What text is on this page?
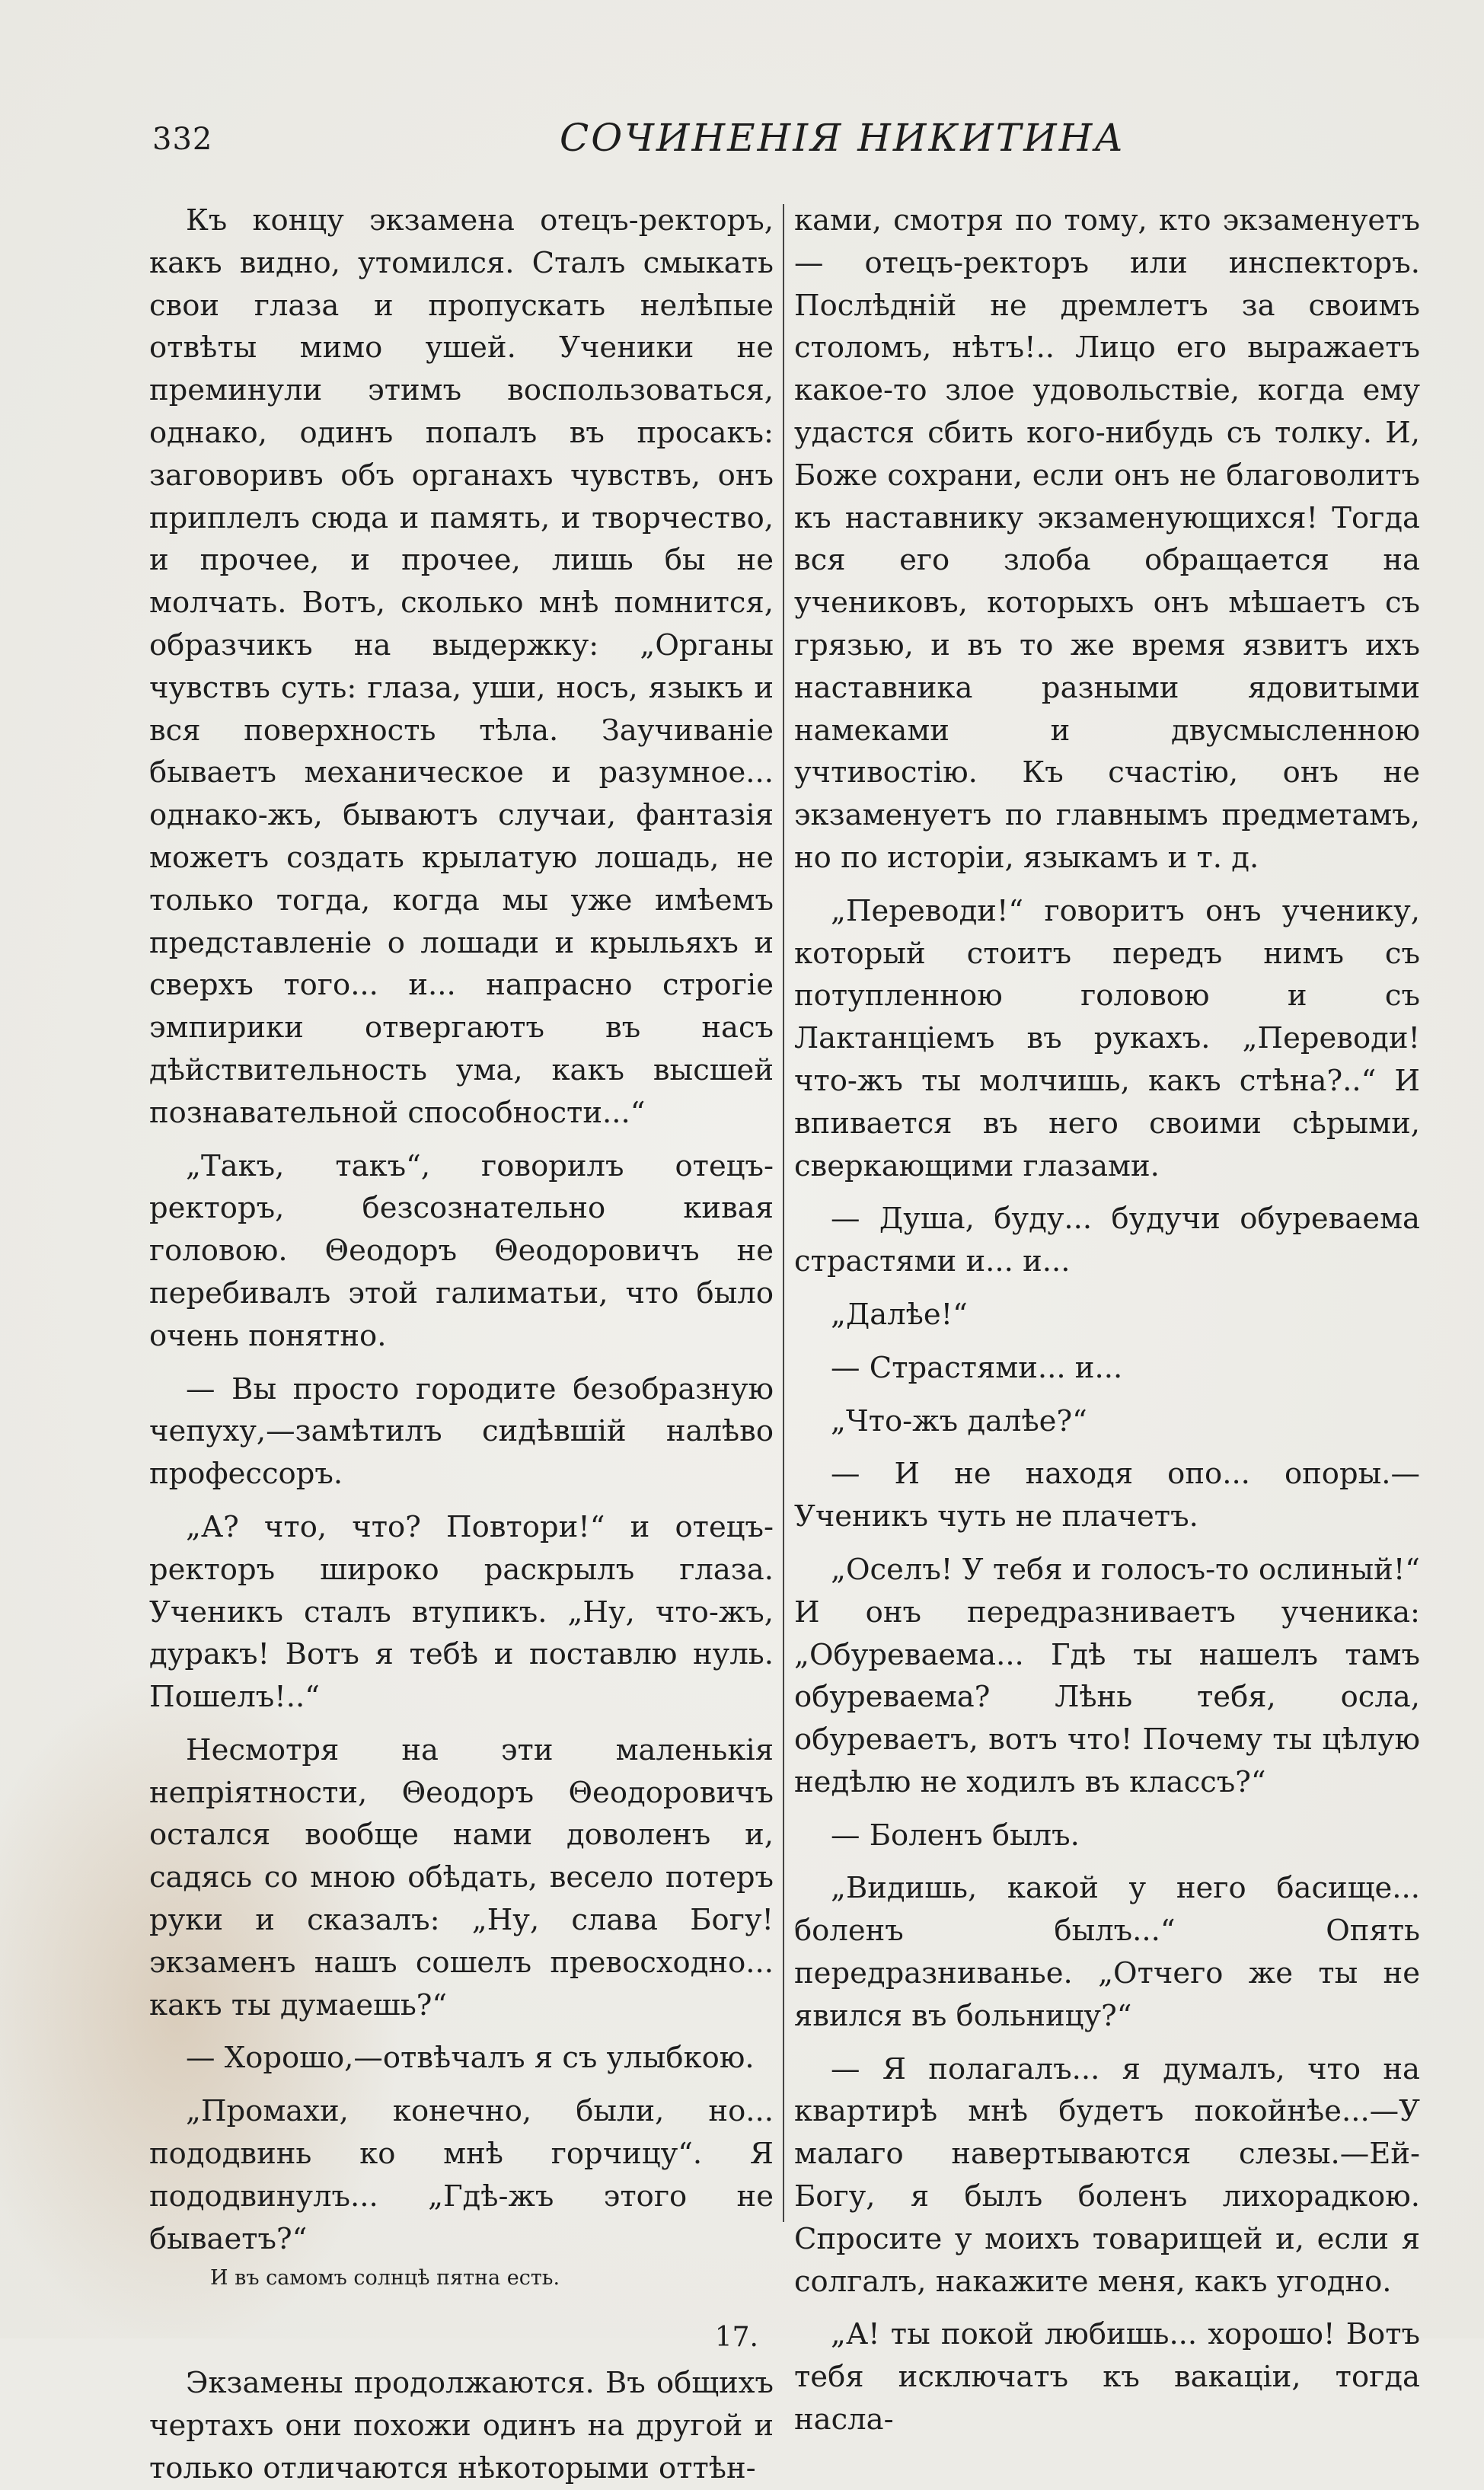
332	СОЧИНЕНІЯ НИКИТИНА

Къ концу экзамена отецъ-ректоръ, какъ видно, утомился. Сталъ смыкать свои глаза и пропускать нелѣпые отвѣты мимо ушей. Ученики не преминули этимъ воспользоваться, однако, одинъ попалъ въ просакъ: заговоривъ объ органахъ чувствъ, онъ приплелъ сюда и память, и творчество, и прочее, и прочее, лишь бы не молчать. Вотъ, сколько мнѣ помнится, образчикъ на выдержку: „Органы чувствъ суть: глаза, уши, носъ, языкъ и вся поверхность тѣла. Заучиваніе бываетъ механическое и разумное... однако-жъ, бываютъ случаи, фантазія можетъ создать крылатую лошадь, не только тогда, когда мы уже имѣемъ представленіе о лошади и крыльяхъ и сверхъ того... и... напрасно строгіе эмпирики отвергаютъ въ насъ дѣйствительность ума, какъ высшей познавательной способности...“

„Такъ, такъ“, говорилъ отецъ-ректоръ, безсознательно кивая головою. Θеодоръ Θеодоровичъ не перебивалъ этой галиматьи, что было очень понятно.

— Вы просто городите безобразную чепуху,—замѣтилъ сидѣвшій налѣво профессоръ.

„А? что, что? Повтори!“ и отецъ-ректоръ широко раскрылъ глаза. Ученикъ сталъ втупикъ. „Ну, что-жъ, дуракъ! Вотъ я тебѣ и поставлю нуль. Пошелъ!..“

Несмотря на эти маленькія непріятности, Θеодоръ Θеодоровичъ остался вообще нами доволенъ и, садясь со мною обѣдать, весело потеръ руки и сказалъ: „Ну, слава Богу! экзаменъ нашъ сошелъ превосходно... какъ ты думаешь?“

— Хорошо,—отвѣчалъ я съ улыбкою.

„Промахи, конечно, были, но... пододвинь ко мнѣ горчицу“. Я пододвинулъ... „Гдѣ-жъ этого не бываетъ?“

И въ самомъ солнцѣ пятна есть.
17.

Экзамены продолжаются. Въ общихъ чертахъ они похожи одинъ на другой и только отличаются нѣкоторыми оттѣн-

ками, смотря по тому, кто экзаменуетъ— отецъ-ректоръ или инспекторъ. Послѣдній не дремлетъ за своимъ столомъ, нѣтъ!.. Лицо его выражаетъ какое-то злое удовольствіе, когда ему удастся сбить кого-нибудь съ толку. И, Боже сохрани, если онъ не благоволитъ къ наставнику экзаменующихся! Тогда вся его злоба обращается на учениковъ, которыхъ онъ мѣшаетъ съ грязью, и въ то же время язвитъ ихъ наставника разными ядовитыми намеками и двусмысленною учтивостію. Къ счастію, онъ не экзаменуетъ по главнымъ предметамъ, но по исторіи, языкамъ и т. д.

„Переводи!“ говоритъ онъ ученику, который стоитъ передъ нимъ съ потупленною головою и съ Лактанціемъ въ рукахъ. „Переводи! что-жъ ты молчишь, какъ стѣна?..“ И впивается въ него своими сѣрыми, сверкающими глазами.

— Душа, буду... будучи обуреваема страстями и... и...

„Далѣе!“

— Страстями... и...

„Что-жъ далѣе?“

— И не находя опо... опоры.—Ученикъ чуть не плачетъ.

„Оселъ! У тебя и голосъ-то ослиный!“ И онъ передразниваетъ ученика: „Обуреваема... Гдѣ ты нашелъ тамъ обуреваема? Лѣнь тебя, осла, обуреваетъ, вотъ что! Почему ты цѣлую недѣлю не ходилъ въ классъ?“

— Боленъ былъ.

„Видишь, какой у него басище... боленъ былъ...“ Опять передразниванье. „Отчего же ты не явился въ больницу?“

— Я полагалъ... я думалъ, что на квартирѣ мнѣ будетъ покойнѣе...—У малаго навертываются слезы.—Ей-Богу, я былъ боленъ лихорадкою. Спросите у моихъ товарищей и, если я солгалъ, накажите меня, какъ угодно.

„А! ты покой любишь... хорошо! Вотъ тебя исключатъ къ вакаціи, тогда насла-
